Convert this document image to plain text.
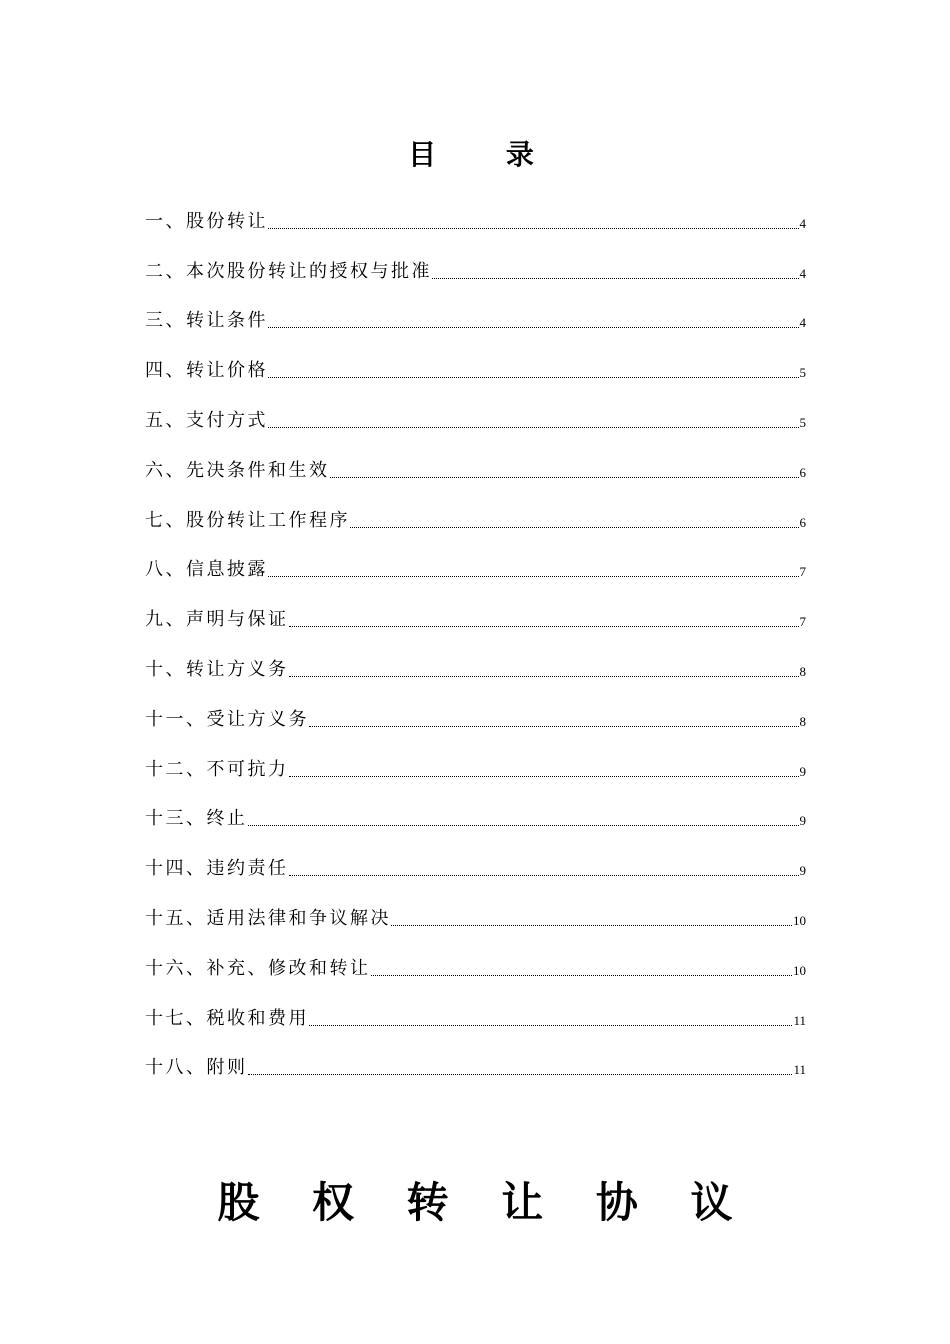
目 录
一、股份转让	4
二、本次股份转让的授权与批准	4
三、转让条件	4
四、转让价格	5
五、支付方式	5
六、先决条件和生效	6
七、股份转让工作程序	6
八、信息披露	7
九、声明与保证	7
十、转让方义务	8
十一、受让方义务	8
十二、不可抗力	9
十三、终止	9
十四、违约责任	9
十五、适用法律和争议解决	10
十六、补充、修改和转让	10
十七、税收和费用	11
十八、附则	11
股 权 转 让 协 议
